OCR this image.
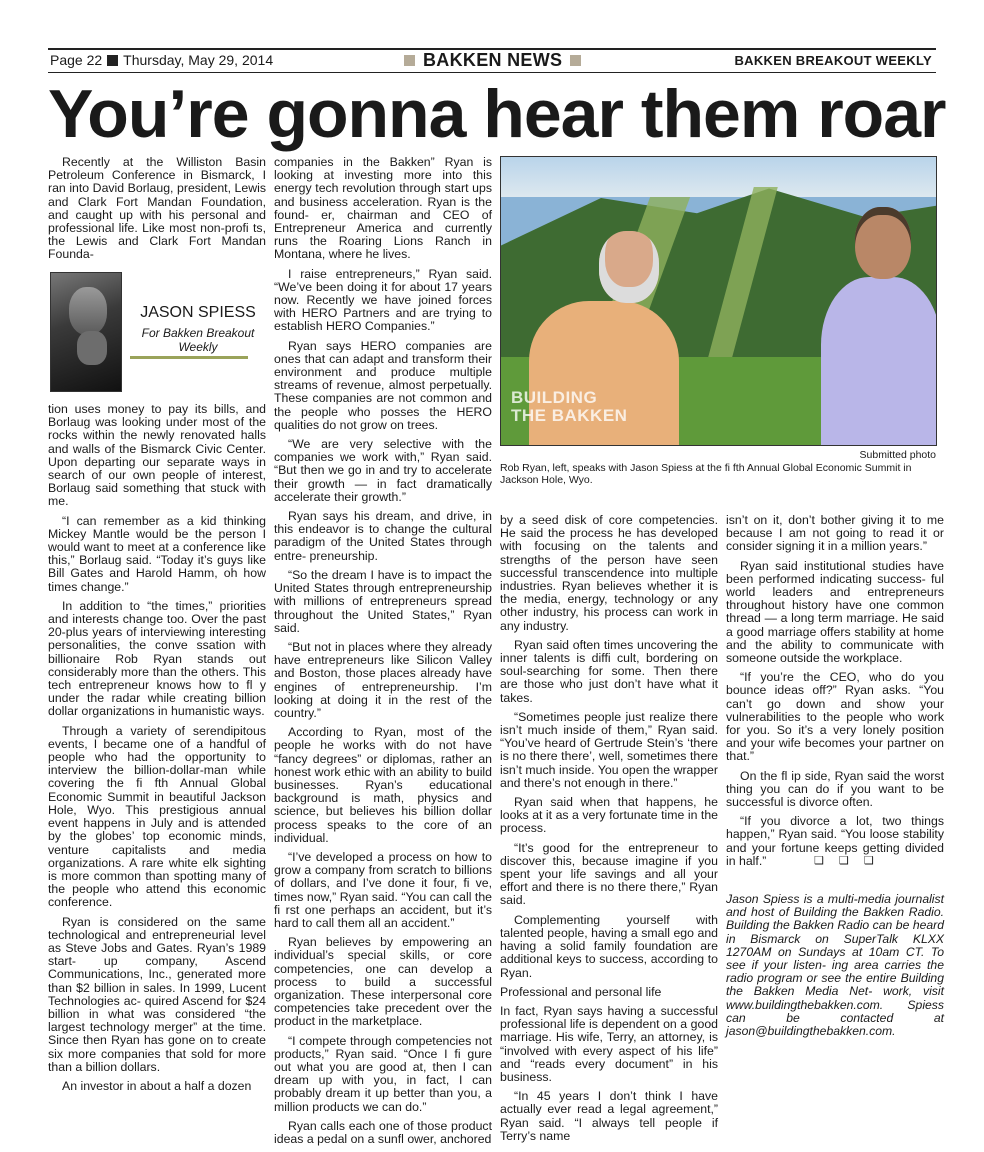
Page 22 Thursday, May 29, 2014	BAKKEN NEWS	BAKKEN BREAKOUT WEEKLY
You’re gonna hear them roar

Recently at the Williston Basin Petroleum Conference in Bismarck, I ran into David Borlaug, president, Lewis and Clark Fort Mandan Foundation, and caught up with his personal and professional life. Like most non-profi ts, the Lewis and Clark Fort Mandan Founda-

JASON SPIESS
For Bakken Breakout Weekly

tion uses money to pay its bills, and Borlaug was looking under most of the rocks within the newly renovated halls and walls of the Bismarck Civic Center. Upon departing our separate ways in search of our own people of interest, Borlaug said something that stuck with me.

“I can remember as a kid thinking Mickey Mantle would be the person I would want to meet at a conference like this,” Borlaug said. “Today it’s guys like Bill Gates and Harold Hamm, oh how times change.”

In addition to “the times,” priorities and interests change too. Over the past 20-plus years of interviewing interesting personalities, the conve ssation with billionaire Rob Ryan stands out considerably more than the others. This tech entrepreneur knows how to fl y under the radar while creating billion dollar organizations in humanistic ways.

Through a variety of serendipitous events, I became one of a handful of people who had the opportunity to interview the billion-dollar-man while covering the fi fth Annual Global Economic Summit in beautiful Jackson Hole, Wyo. This prestigious annual event happens in July and is attended by the globes’ top economic minds, venture capitalists and media organizations. A rare white elk sighting is more common than spotting many of the people who attend this economic conference.

Ryan is considered on the same technological and entrepreneurial level as Steve Jobs and Gates. Ryan’s 1989 start- up company, Ascend Communications, Inc., generated more than $2 billion in sales. In 1999, Lucent Technologies ac- quired Ascend for $24 billion in what was considered “the largest technology merger” at the time. Since then Ryan has gone on to create six more companies that sold for more than a billion dollars.

An investor in about a half a dozen

companies in the Bakken” Ryan is looking at investing more into this energy tech revolution through start ups and business acceleration. Ryan is the found- er, chairman and CEO of Entrepreneur America and currently runs the Roaring Lions Ranch in Montana, where he lives.

I raise entrepreneurs,” Ryan said. “We’ve been doing it for about 17 years now. Recently we have joined forces with HERO Partners and are trying to establish HERO Companies.”

Ryan says HERO companies are ones that can adapt and transform their environment and produce multiple streams of revenue, almost perpetually. These companies are not common and the people who posses the HERO qualities do not grow on trees.

“We are very selective with the companies we work with,” Ryan said. “But then we go in and try to accelerate their growth — in fact dramatically accelerate their growth.”

Ryan says his dream, and drive, in this endeavor is to change the cultural paradigm of the United States through entre- preneurship.

“So the dream I have is to impact the United States through entrepreneurship with millions of entrepreneurs spread throughout the United States,” Ryan said.

“But not in places where they already have entrepreneurs like Silicon Valley and Boston, those places already have engines of entrepreneurship. I’m looking at doing it in the rest of the country.”

According to Ryan, most of the people he works with do not have “fancy degrees” or diplomas, rather an honest work ethic with an ability to build businesses. Ryan’s educational background is math, physics and science, but believes his billion dollar process speaks to the core of an individual.

“I’ve developed a process on how to grow a company from scratch to billions of dollars, and I’ve done it four, fi ve, times now,” Ryan said. “You can call the fi rst one perhaps an accident, but it’s hard to call them all an accident.”

Ryan believes by empowering an individual’s special skills, or core competencies, one can develop a process to build a successful organization. These interpersonal core competencies take precedent over the product in the marketplace.

“I compete through competencies not products,” Ryan said. “Once I fi gure out what you are good at, then I can dream up with you, in fact, I can probably dream it up better than you, a million products we can do.”

Ryan calls each one of those product ideas a pedal on a sunfl ower, anchored

BUILDING
THE BAKKEN
Submitted photo
Rob Ryan, left, speaks with Jason Spiess at the fi fth Annual Global Economic Summit in Jackson Hole, Wyo.

by a seed disk of core competencies. He said the process he has developed with focusing on the talents and strengths of the person have seen successful transcendence into multiple industries. Ryan believes whether it is the media, energy, technology or any other industry, his process can work in any industry.

Ryan said often times uncovering the inner talents is diffi cult, bordering on soul-searching for some. Then there are those who just don’t have what it takes.

“Sometimes people just realize there isn’t much inside of them,” Ryan said. “You’ve heard of Gertrude Stein’s ‘there is no there there’, well, sometimes there isn’t much inside. You open the wrapper and there’s not enough in there.”

Ryan said when that happens, he looks at it as a very fortunate time in the process.

“It’s good for the entrepreneur to discover this, because imagine if you spent your life savings and all your effort and there is no there there,” Ryan said.

Complementing yourself with talented people, having a small ego and having a solid family foundation are additional keys to success, according to Ryan.

Professional and personal life

In fact, Ryan says having a successful professional life is dependent on a good marriage. His wife, Terry, an attorney, is “involved with every aspect of his life” and “reads every document” in his business.

“In 45 years I don’t think I have actually ever read a legal agreement,” Ryan said. “I always tell people if Terry’s name

isn’t on it, don’t bother giving it to me because I am not going to read it or consider signing it in a million years.”

Ryan said institutional studies have been performed indicating success- ful world leaders and entrepreneurs throughout history have one common thread — a long term marriage. He said a good marriage offers stability at home and the ability to communicate with someone outside the workplace.

“If you’re the CEO, who do you bounce ideas off?” Ryan asks. “You can’t go down and show your vulnerabilities to the people who work for you. So it’s a very lonely position and your wife becomes your partner on that.”

On the fl ip side, Ryan said the worst thing you can do if you want to be successful is divorce often.

“If you divorce a lot, two things happen,” Ryan said. “You loose stability and your fortune keeps getting divided in half.”	❑ ❑ ❑
Jason Spiess is a multi-media journalist and host of Building the Bakken Radio. Building the Bakken Radio can be heard in Bismarck on SuperTalk KLXX 1270AM on Sundays at 10am CT. To see if your listen- ing area carries the radio program or see the entire Building the Bakken Media Net- work, visit www.buildingthebakken.com. Spiess can be contacted at jason@buildingthebakken.com.
